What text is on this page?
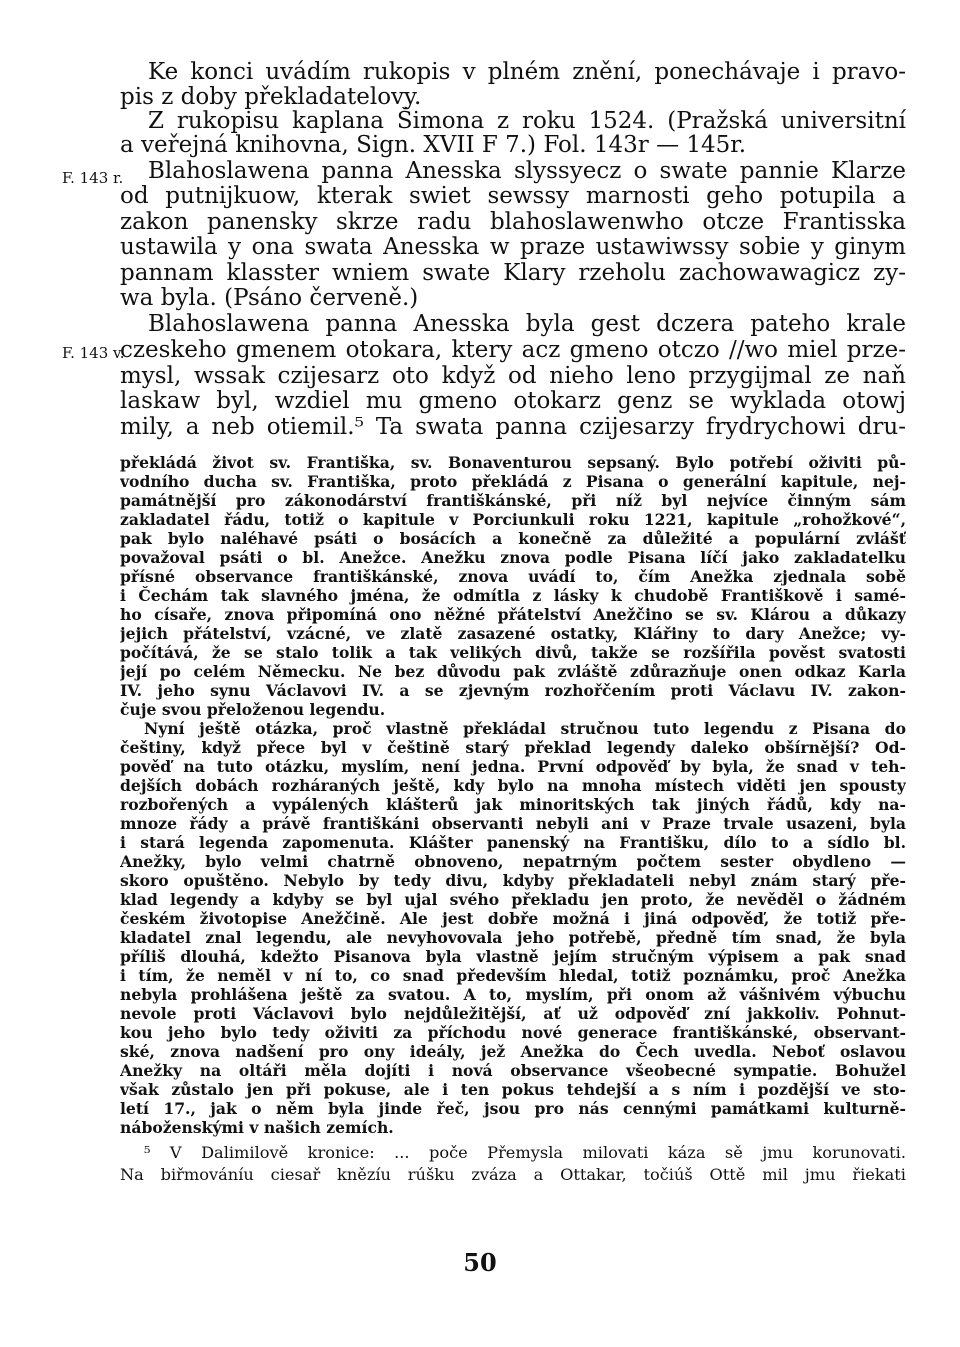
F. 143 r.
F. 143 v.
Ke konci uvádím rukopis v plném znění, ponechávaje i pravo-
pis z doby překladatelovy.
Z rukopisu kaplana Šimona z roku 1524. (Pražská universitní
a veřejná knihovna, Sign. XVII F 7.) Fol. 143r — 145r.
Blahoslawena panna Anesska slyssyecz o swate pannie Klarze
od putnijkuow, kterak swiet sewssy marnosti geho potupila a
zakon panensky skrze radu blahoslawenwho otcze Frantisska
ustawila y ona swata Anesska w praze ustawiwssy sobie y ginym
pannam klasster wniem swate Klary rzeholu zachowawagicz zy-
wa byla. (Psáno červeně.)
Blahoslawena panna Anesska byla gest dczera pateho krale
czeskeho gmenem otokara, ktery acz gmeno otczo //wo miel prze-
mysl, wssak czijesarz oto když od nieho leno przygijmal ze naň
laskaw byl, wzdiel mu gmeno otokarz genz se wyklada otowj
mily, a neb otiemil.⁵ Ta swata panna czijesarzy frydrychowi dru-
překládá život sv. Františka, sv. Bonaventurou sepsaný. Bylo potřebí oživiti pů-
vodního ducha sv. Františka, proto překládá z Pisana o generální kapitule, nej-
památnější pro zákonodárství františkánské, při níž byl nejvíce činným sám
zakladatel řádu, totiž o kapitule v Porciunkuli roku 1221, kapitule „rohožkové“,
pak bylo naléhavé psáti o bosácích a konečně za důležité a populární zvlášť
považoval psáti o bl. Anežce. Anežku znova podle Pisana líčí jako zakladatelku
přísné observance františkánské, znova uvádí to, čím Anežka zjednala sobě
i Čechám tak slavného jména, že odmítla z lásky k chudobě Františkově i samé-
ho císaře, znova připomíná ono něžné přátelství Anežčino se sv. Klárou a důkazy
jejich přátelství, vzácné, ve zlatě zasazené ostatky, Klářiny to dary Anežce; vy-
počítává, že se stalo tolik a tak velikých divů, takže se rozšířila pověst svatosti
její po celém Německu. Ne bez důvodu pak zvláště zdůrazňuje onen odkaz Karla
IV. jeho synu Václavovi IV. a se zjevným rozhořčením proti Václavu IV. zakon-
čuje svou přeloženou legendu.
Nyní ještě otázka, proč vlastně překládal stručnou tuto legendu z Pisana do
češtiny, když přece byl v češtině starý překlad legendy daleko obšírnější? Od-
pověď na tuto otázku, myslím, není jedna. První odpověď by byla, že snad v teh-
dejších dobách rozháraných ještě, kdy bylo na mnoha místech viděti jen spousty
rozbořených a vypálených klášterů jak minoritských tak jiných řádů, kdy na-
mnoze řády a právě františkáni observanti nebyli ani v Praze trvale usazeni, byla
i stará legenda zapomenuta. Klášter panenský na Františku, dílo to a sídlo bl.
Anežky, bylo velmi chatrně obnoveno, nepatrným počtem sester obydleno —
skoro opuštěno. Nebylo by tedy divu, kdyby překladateli nebyl znám starý pře-
klad legendy a kdyby se byl ujal svého překladu jen proto, že nevěděl o žádném
českém životopise Anežčině. Ale jest dobře možná i jiná odpověď, že totiž pře-
kladatel znal legendu, ale nevyhovovala jeho potřebě, předně tím snad, že byla
příliš dlouhá, kdežto Pisanova byla vlastně jejím stručným výpisem a pak snad
i tím, že neměl v ní to, co snad především hledal, totiž poznámku, proč Anežka
nebyla prohlášena ještě za svatou. A to, myslím, při onom až vášnivém výbuchu
nevole proti Václavovi bylo nejdůležitější, ať už odpověď zní jakkoliv. Pohnut-
kou jeho bylo tedy oživiti za příchodu nové generace františkánské, observant-
ské, znova nadšení pro ony ideály, jež Anežka do Čech uvedla. Neboť oslavou
Anežky na oltáři měla dojíti i nová observance všeobecné sympatie. Bohužel
však zůstalo jen při pokuse, ale i ten pokus tehdejší a s ním i pozdější ve sto-
letí 17., jak o něm byla jinde řeč, jsou pro nás cennými památkami kulturně-
náboženskými v našich zemích.
⁵ V Dalimilově kronice: ... poče Přemysla milovati káza sě jmu korunovati.
Na biřmováníu ciesař knězíu rúšku zváza a Ottakar, točiúš Ottě mil jmu řiekati
50
